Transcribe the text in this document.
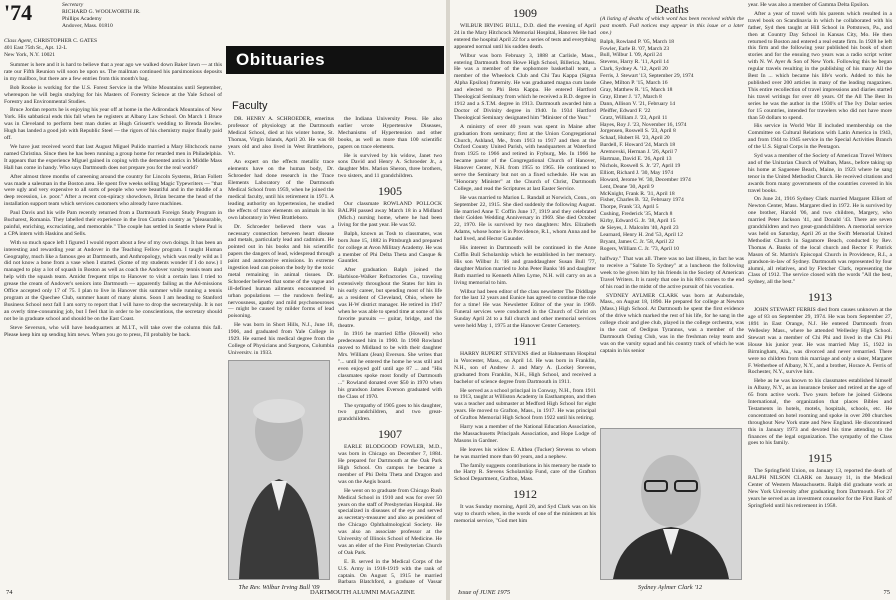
'74	Secretary
RICHARD G. WOOLWORTH JR.
Phillips Academy
Andover, Mass. 01810
Class Agent, CHRISTOPHER C. GATES
401 East 75th St., Apt. 12-L
New York, N.Y. 10021

Summer is here and it is hard to believe that a year ago we walked down Baker lawn — at this rate our Fifth Reunion will soon be upon us. The mailman continued his parsimonious deposits in my mailbox, but there are a few entries from this month's bag.

Bob Rooke is working for the U.S. Forest Service in the White Mountains until September, whereupon he will begin studying for his Masters of Forestry Science at the Yale School of Forestry and Environmental Studies.

Bruce Jordan reports he is enjoying his year off at home in the Adirondack Mountains of New York. His sabbatical ends this fall when he registers at Albany Law School. On March 1 Bruce was in Cleveland to perform best man duties at Hugh Grissett's wedding to Brenda Bowles. Hugh has landed a good job with Republic Steel — the rigors of his chemistry major finally paid off.

We have just received word that last August Miguel Pulido married a Mary Hitchcock nurse named Christina. Since then he has been running a group home for retarded men in Philadelphia. It appears that the experience Miguel gained in coping with the demented antics in Middle Mass Hall has come in handy. Who says Dartmouth does not prepare you for the real world?

After almost three months of careening around the country for Lincoln Systems, Brian Follett was made a salesman in the Boston area. He spent five weeks selling Magic Typewriters — "that were ugly and very expensive to all sorts of people who were beautiful and in the middle of a deep recession, i.e. poor." After a recent con-spiracy showdown, Brian became the head of the installation support team which services customers who already have machines.

Paul Davis and his wife Pam recently returned from a Dartmouth Foreign Study Program in Bucharest, Romania. They labelled their experience in the Iron Curtain country as "pleasurable, painful, enriching, excruciating, and memorable." The couple has settled in Seattle where Paul is a CPA intern with Haskins and Sells.

With so much space left I figured I would report about a few of my own doings. It has been an interesting and rewarding year at Andover in the Teaching Fellow program. I taught Human Geography, much like a famous geo at Dartmouth, and Anthropology, which was really wild as I did not know a bone from a vase when I started. (Some of my students wonder if I do now.) I managed to play a lot of squash in Boston as well as coach the Andover varsity tennis team and help with the squash team. Amidst frequent trips to Hanover to visit a certain lass I tried to grease the cream of Andover's seniors into Dartmouth — apparently failing as the Ad-missions Office accepted only 17 of 75. I plan to live in Hanover this summer while running a tennis program at the Quechee Club, summer haunt of many alums. Soon I am heading to Stanford Business School next fall I am sorry to report that I will have to drop the secretaryship. It is not an overly time-consuming job, but I feel that in order to be conscientious, the secretary should not be in graduate school and should be on the East Coast.

Steve Severson, who will have headquarters at M.I.T., will take over the column this fall. Please keep him up sending him news. When you go to press, I'll probably be back.

Obituaries
Faculty

DR. HENRY A. SCHROEDER, emeritus professor of physiology at the Dartmouth Medical School, died at his winter home, St. Thomas, Virgin Islands, April 20. He was 68 years old and also lived in West Brattleboro, Vt.

An expert on the effects metallic trace elements have on the human body, Dr. Schroeder had done research in the Trace Elements Laboratory of the Dartmouth Medical School from 1959, when he joined the medical faculty, until his retirement in 1971. A leading authority on hypertension, he studied the effects of trace elements on animals in his own laboratory in West Brattleboro.

Dr. Schroeder believed there was a necessary connection between heart disease and metals, particularly lead and cadmium. He pointed out in his books and his scientific papers the dangers of lead, widespread through paint and automotive emissions. In extreme ingestion lead can poison the body by the toxic metal remaining in animal tissues. Dr. Schroeder believed that some of the vague and ill-defined human ailments encountered in urban populations — the rundown feeling, nervousness, apathy and mild psychoneuroses — might be caused by milder forms of lead poisoning.

He was born in Short Hills, N.J., June 18, 1906, and graduated from Yale College in 1929. He earned his medical degree from the College of Physicians and Surgeons, Columbia University, in 1933.

The Rev. Wilbur Irving Bull '09

the Indiana University Press. He also earlier wrote Hypertensive Diseases, Mechanisms of Hypertension and other books, as well as more than 100 scientific papers on trace elements.

He is survived by his widow, Janet two sons David and Henry A. Schroeder Jr., a daughter Mrs. Marion Sheron, three brothers, two sisters, and 11 grandchildren.

1905

Our classmate ROWLAND POLLOCK BALPH passed away March 18 in a Midland (Mich.) nursing home, where he had been living for the past year. He was 92.

Balph, known as Tosh to classmates, was born June 15, 1882 in Pittsburgh and prepared for college at Avon Military Academy. He was a member of Phi Delta Theta and Casque & Gauntlet.

After graduation Balph joined the Harbison-Walker Refractories Co., traveling extensively throughout the States for him in his early career, but spending most of his life as a resident of Cleveland, Ohio, where he was H-W district manager. He retired in 1947 when he was able to spend time at some of his favorite pursuits — guitar, bridge, and the theatre.

In 1916 he married Effie (Howell) who predeceased him in 1960. In 1960 Rowland moved to Midland to be with their daughter Mrs. William (Jean) Everson. She writes that "... until he entered the home he was still and even enjoyed golf until age 87 ... and "His classmates spoke most fondly of Dartmouth ..." Rowland donated over $50 in 1970 when his grandson James Everson graduated with the Class of 1970.

The sympathy of 1905 goes to his daughter, two grandchildren, and two great-grandchildren.

1907

EARLE BLODGOOD FOWLER, M.D., was born in Chicago on December 7, 1884. He prepared for Dartmouth at the Oak Park High School. On campus he became a member of Phi Delta Theta and Dragon and was on the Aegis board.

He went on to graduate from Chicago Rush Medical School in 1910 and was for over 50 years on the staff of Presbyterian Hospital. He specialized in diseases of the eye and served as secretary-treasurer and also as president of the Chicago Ophthalmological Society. He was also an associate professor at the University of Illinois School of Medicine. He was an elder of the First Presbyterian Church of Oak Park.

E. B. served in the Medical Corps of the U.S. Army in 1918-1919 with the rank of captain. On August 5, 1915 he married Barbara Blatchford, a graduate of Vassar

74	DARTMOUTH ALUMNI MAGAZINE
1909

WILBUR IRVING BULL, D.D. died the evening of April 24 in the Mary Hitchcock Memorial Hospital, Hanover. He had entered the hospital April 22 for a series of tests and everything appeared normal until his sudden death.

Wilbur was born February 3, 1888 at Carlisle, Mass., entering Dartmouth from Howe High School, Billerica, Mass. He was a member of the sophomore basketball team, a member of the Wheelock Club and Chi Tau Kappa (Sigma Alpha Epsilon) fraternity. He was graduated magna cum laude and elected to Phi Beta Kappa. He entered Hartford Theological Seminary from which he received a B.D. degree in 1912 and a S.T.M. degree in 1913. Dartmouth awarded him a Doctor of Divinity degree in 1940. In 1934 Hartford Theological Seminary designated him "Minister of the Year."

A ministry of over 40 years was spent in Maine after graduation from seminary; first at the Union Congregational Church, Ashland, Me., from 1913 to 1917 and then at the Oxford County United Parish, with headquarters at Waterford from 1925 to 1966 and retired in Fryburg, Me. In 1966 he became pastor of the Congregational Church of Hanover, Hanover Center, N.H. from 1955 to 1965. He continued to serve the Seminary but not on a fixed schedule. He was an "Honorary Minister" at the Church of Christ, Dartmouth College, and read the Scriptures at last Easter Service.

He was married to Marion L. Randall at Norwich, Conn., on September 22, 1915. She died suddenly the following August. He married Anne T. Coffin June 17, 1919 and they celebrated their Golden Wedding Anniversary in 1969. She died October 22, 1970. He is survived by two daughters: Mrs. Elizabeth Adams, whose home is in Providence, R.I., whom Anna and he had lived, and Hector Gaunder.

His interest in Dartmouth will be continued in the Anne Coffin Bull Scholarship which he established in her memory. His son Wilbur Jr. '46 and granddaughter Susan Bull '77, daughter Marion married to John Peter Banks '46 and daughter Ruth married to Kenneth Allen Lyme, N.H. will carry on as a living memorial to him.

Wilbur had been editor of the class newsletter The Diddlage for the last 12 years and Eunice has agreed to continue the role for a time! He was Newsletter Editor of the year in 1969. Funeral services were conducted in the Church of Christ on Sunday April 24 to a full church and other memorial services were held May 1, 1975 at the Hanover Center Cemetery.

1911

HARRY RUPERT STEVENS died at Hahnemann Hospital in Worcester, Mass., on April 14. He was born in Franklin, N.H., son of Andrew J. and Mary A. (Locke) Stevens, graduated from Franklin, N.H., High School, and received a bachelor of science degree from Dartmouth in 1911.

He served as a school principal in Conway, N.H., from 1911 to 1913, taught at Williston Academy in Easthampton, and then was a teacher and submaster at Medford High School for eight years. He moved to Grafton, Mass., in 1917. He was principal of Grafton Memorial High School from 1922 until his retiring.

Harry was a member of the National Education Association, the Massachusetts Principals Association, and Hope Lodge of Masons in Gardner.

He leaves his widow E. Althea (Tucker) Stevens to whom he was married more than 60 years, and a nephew.

The family suggests contributions in his memory be made to the Harry R. Stevens Scholarship Fund, care of the Grafton School Department, Grafton, Mass.

1912

It was Sunday morning, April 20, and Syd Clark was on his way to church when, in the words of one of the ministers at his memorial service, "God met him

Deaths

(A listing of deaths of which word has been received within the past month. Full notices may appear in this issue or a later one.)

Balph, Rowland P. '05, March 18

Fowler, Earle B. '07, March 23

Bull, Wilbur I. '09, April 24

Stevens, Harry R. '11, April 14

Clark, Sydney A. '12, April 20

Ferris, J. Stewart '13, September 29, 1974

Ghee, Milton P. '15, March 16

Gray, Matthew R. '15, March 18

Gray, Elmer J. '17, March 8

Dann, Allison V. '21, February 14

Pfeiffer, Edward F. '22

Gratz, William J. '23, April 11

Hayes, Roy J. '23, November 16, 1974

Jorgensen, Roswell S. '23, April 8

Schaaf, Hubert H. '23, April 20

Bardell, F. Howard '24, March 18

Aremovski, Herman J. '26, April 7

Hartman, David E. '26, April 13

Nichols, Roswell S. Jr. '27, April 19

Elliott, Richard J. '30, May 1974

Howard, Jerome W. '30, December 1974

Lent, Deane '30, April 9

McKnight, Frank R. '31, April 18

Fisher, Charles B. '32, February 1974

Thorpe, Frank '33, April 5

Cushing, Frederick '35, March 8

Kirby, Edward G. Jr. '38, April 15

de Sieyes, J. Malcolm '40, April 23

Learnard, Henry H. 2nd '53, April 12

Bryant, James C. Jr. '58, April 22

Rogers, William C. Jr. '73, April 10

halfway." That was all. There was no last illness, in fact he was to receive a "Salute To Sydney" at a luncheon the following week to be given him by his friends in the Society of American Travel Writers. It is rarely that one in his 80's comes to the end of his road in the midst of the active pursuit of his vocation.

SYDNEY AYLMER CLARK was born at Auburndale, Mass., on August 18, 1890. He prepared for college at Newton (Mass.) High School. At Dartmouth he spent the first evidence of the drive which marked the rest of his life, for he sang in the college choir and glee club, played in the college orchestra, was in the cast of Oedipus Tyrannus, was a member of the Dartmouth Outing Club, was in the freshman relay team and was on the varsity squad and his country track of which he was captain in his senior

Sydney Aylmer Clark '12

year. He was also a member of Gamma Delta Epsilon.

After a year of travel with his parents which resulted in a travel book on Scandinavia in which he collaborated with his father, Syd then taught at Hill School in Pottstown, Pa., and then at Country Day School in Kansas City, Mo. He then returned to Boston and entered a real estate firm. In 1928 he left this firm and the following year published his book of short stories and for the ensuing two years was a radio script writer with N. W. Ayer & Son of New York. Following this he began regular travels resulting in the publishing of his many All the Best In ... which became his life's work. Added to this he published over 200 articles in many of the leading magazines. This entire recollection of travel impressions and diaries started his travel writings for over 40 years. Of the All The Best In series he was the author in the 1930's of The Ivy Dolar series for 15 countries, intended for travelers who did not have more than 50 dollars to spend.

His service in World War II included membership on the Committee on Cultural Relations with Latin America in 1943, and from 1944 to 1945 service in the Special Activities Branch of the U.S. Signal Corps in the Pentagon.

Syd was a member of the Society of American Travel Writers and of the Unitarian Church of Walban, Mass., before taking up his home at Saguenee Beach, Maine, in 1923 where he sang tenor in the United Methodist Church. He received citations and awards from many governments of the countries covered in his travel books.

On June 24, 1916 Sydney Clark married Margaret Elliott of Newton Center, Mass. Margaret died in 1972. He is survived by one brother, Harold '06, and two children, Margery, who married Peter Jackson '41, and Donald '43. There are seven grandchildren and two great-grandchildren. A memorial service was held on Saturday, April 26 at the Swift Memorial United Methodist Church in Sagamore Beach, conducted by Rev. Thomas A. Banks of the local church and Rector F. Patrick Mason of St. Martin's Episcopal Church in Providence, R.I., a grandson-in-law of Sydney. Dartmouth was represented by four alumni, all relatives, and by Fletcher Clark, representing the Class of 1912. The service closed with the words "All the best, Sydney, all the best."

1913

JOHN STEWART FERRIS died from causes unknown at the age of 83 on September 29, 1974. He was born September 27, 1891 in East Orange, N.J. He entered Dartmouth from Wellesley Mass., where he attended Wellesley High School. Stewart was a member of Chi Phi and lived in the Chi Phi House his junior year. He was married May 15, 1922 in Birmingham, Ala., was divorced and never remarried. There were no children from this marriage and only a sister, Margaret F. Wetherbee of Albany, N.Y., and a brother, Horace A. Ferris of Rochester, N.Y., survive him.

Hebe as he was known to his classmates established himself in Albany, N.Y., as an insurance broker and retired at the age of 65 from active work. Two years before he joined Gideons International, the organization that places Bibles and Testaments in hotels, motels, hospitals, schools, etc. He concentrated on hotel rooming and spoke in over 200 churches throughout New York state and New England. He discontinued this in January 1973 and devoted his time attending to the finances of the legal organization. The sympathy of the Class goes to his family.

1915

The Springfield Union, on January 13, reported the death of RALPH NILSON CLARK on January 11, in the Medical Center of Western Massachusetts. Ralph did graduate work at New York University after graduating from Dartmouth. For 27 years he served as an investment counselor for the First Bank of Springfield until his retirement in 1958.

Issue of JUNE 1975	75
